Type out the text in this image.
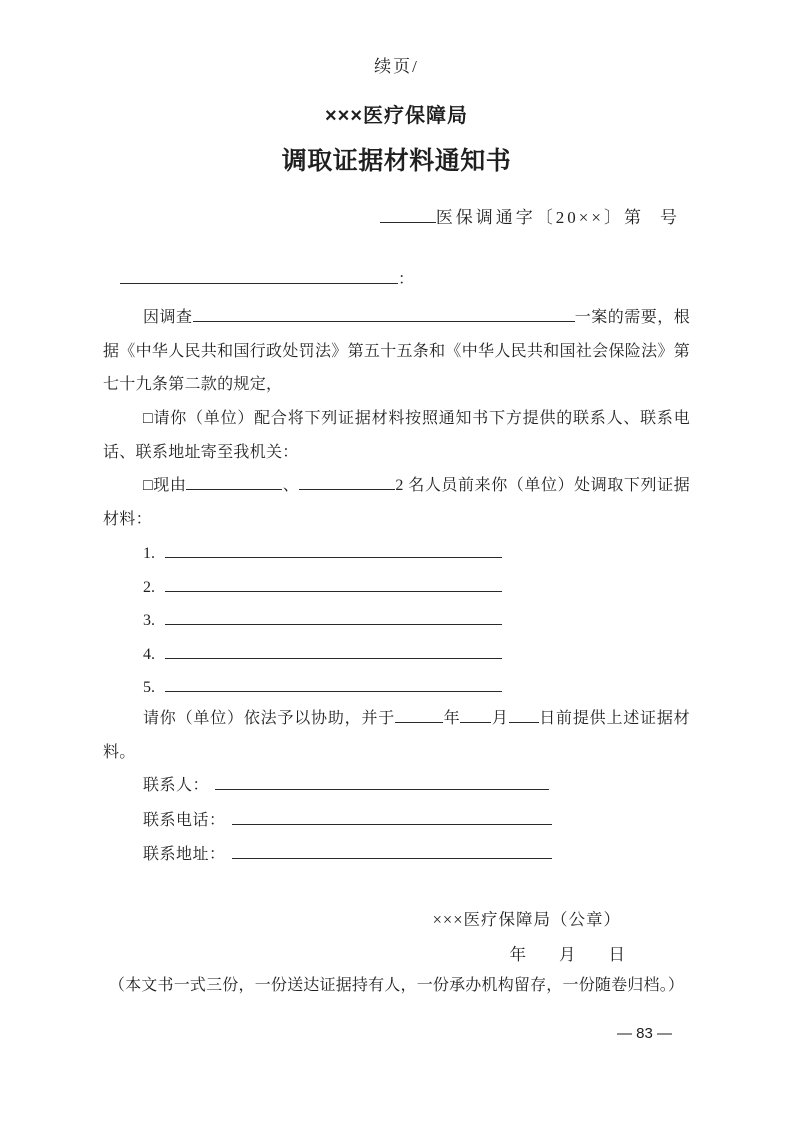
续页/
×××医疗保障局
调取证据材料通知书
医保调通字〔20××〕第 号
：

因调查	一案的需要，根据《中华人民共和国行政处罚法》第五十五条和《中华人民共和国社会保险法》第七十九条第二款的规定，

□请你（单位）配合将下列证据材料按照通知书下方提供的联系人、联系电话、联系地址寄至我机关：

□现由	、	2 名人员前来你（单位）处调取下列证据材料：

1.
2.
3.
4.
5.

请你（单位）依法予以协助，并于	年 月 日前提供上述证据材料。

联系人：
联系电话：
联系地址：
×××医疗保障局（公章）
年 月 日
（本文书一式三份，一份送达证据持有人，一份承办机构留存，一份随卷归档。）
— 83 —
